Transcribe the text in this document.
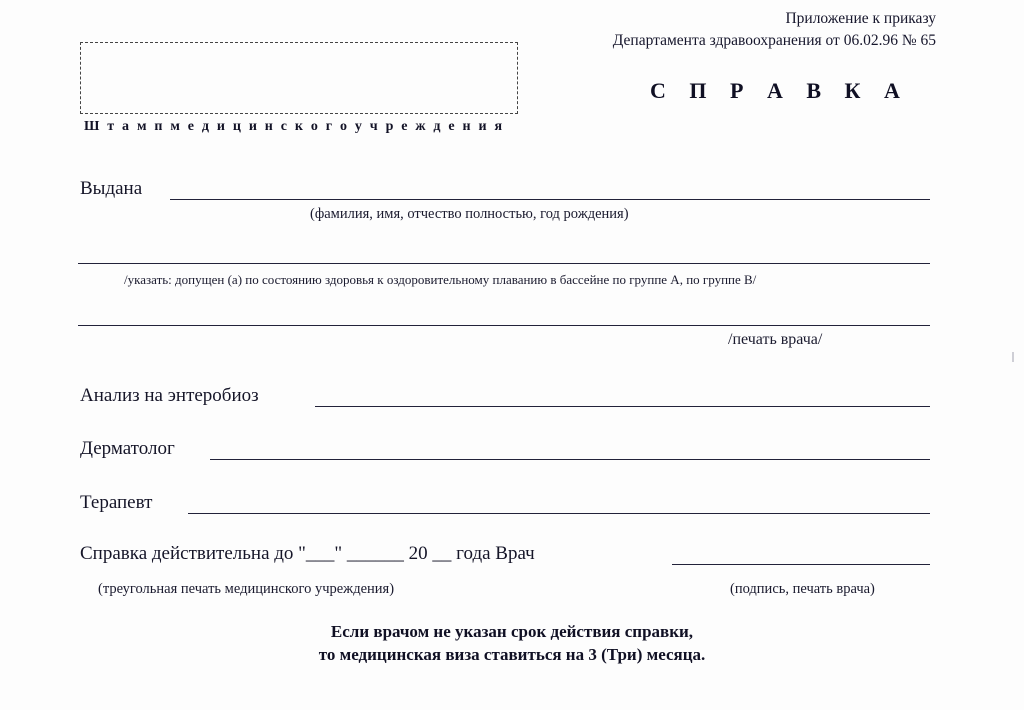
Приложение к приказу
Департамента здравоохранения от 06.02.96 № 65
Ш т а м п м е д и ц и н с к о г о у ч р е ж д е н и я
С П Р А В К А
Выдана
(фамилия, имя, отчество полностью, год рождения)
/указать: допущен (а) по состоянию здоровья к оздоровительному плаванию в бассейне по группе А, по группе В/
/печать врача/
Анализ на энтеробиоз
Дерматолог
Терапевт
Справка действительна до "___" ______ 20 __ года Врач
(треугольная печать медицинского учреждения)	(подпись, печать врача)
Если врачом не указан срок действия справки,
то медицинская виза ставиться на 3 (Три) месяца.
